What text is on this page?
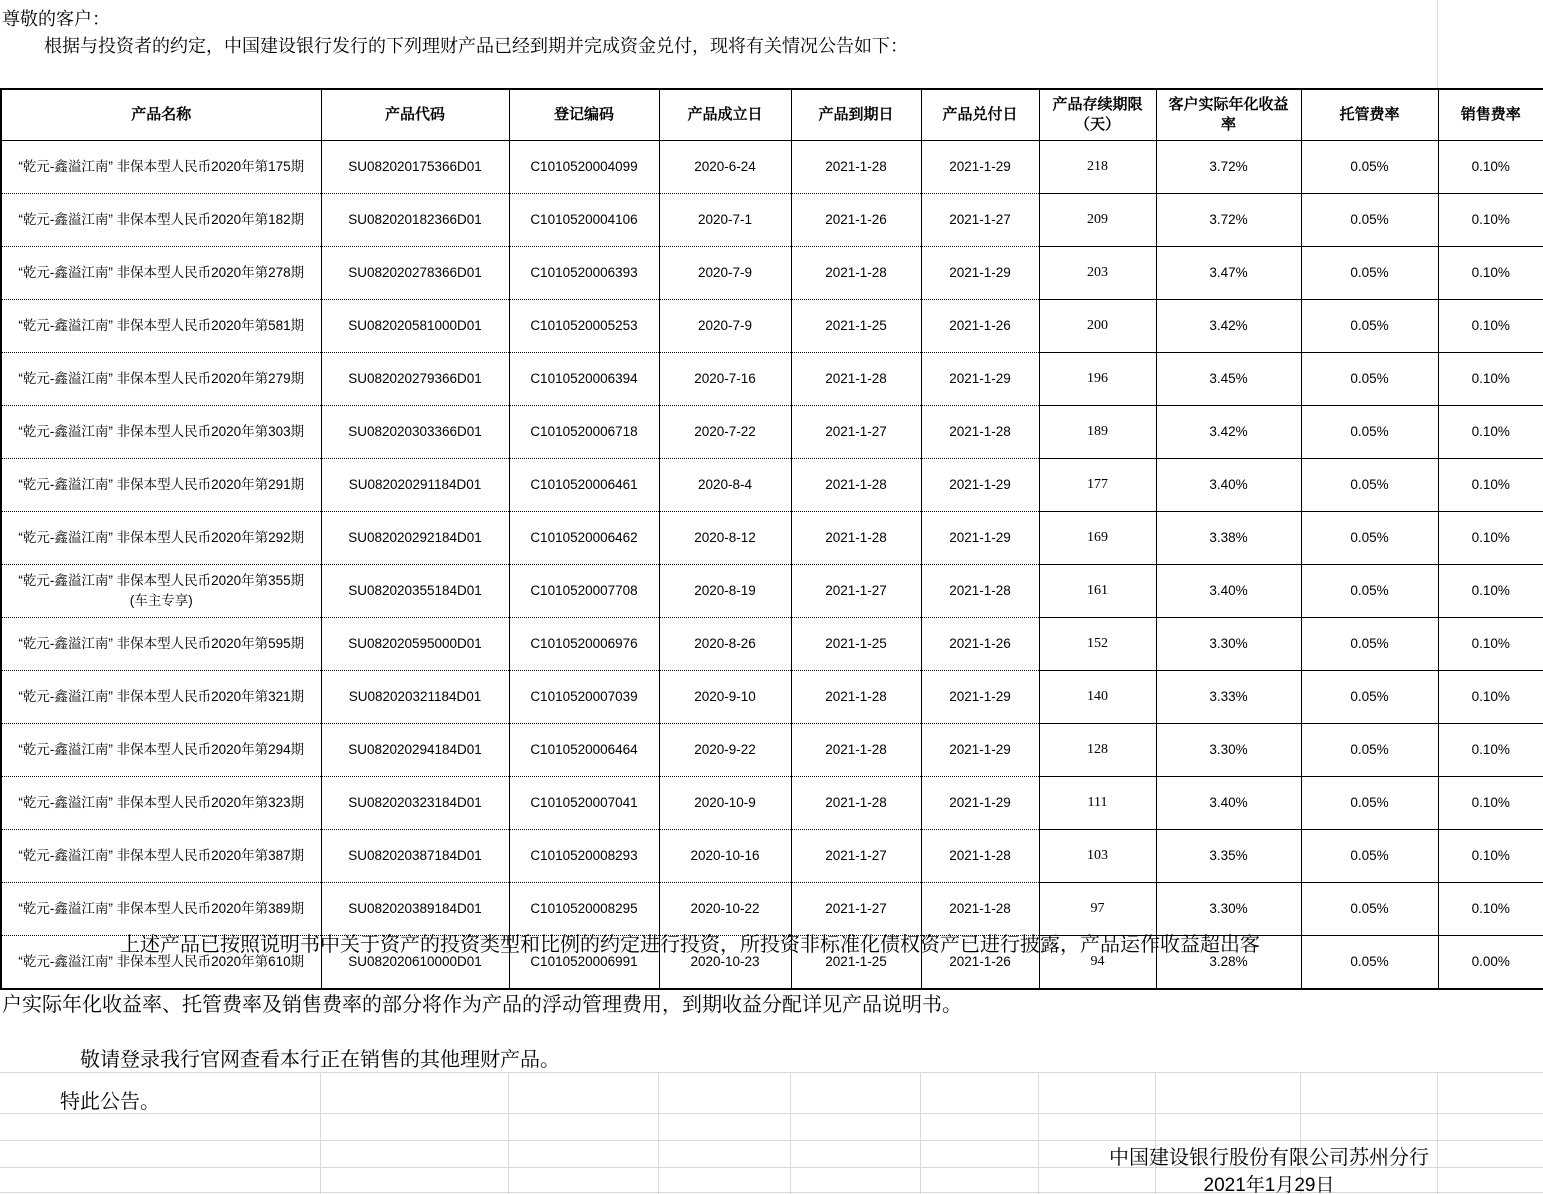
尊敬的客户：
根据与投资者的约定，中国建设银行发行的下列理财产品已经到期并完成资金兑付，现将有关情况公告如下：
产品名称	产品代码	登记编码	产品成立日	产品到期日	产品兑付日	产品存续期限（天）	客户实际年化收益率	托管费率	销售费率
“乾元-鑫溢江南” 非保本型人民币2020年第175期	SU082020175366D01	C1010520004099	2020-6-24	2021-1-28	2021-1-29	218	3.72%	0.05%	0.10%
“乾元-鑫溢江南” 非保本型人民币2020年第182期	SU082020182366D01	C1010520004106	2020-7-1	2021-1-26	2021-1-27	209	3.72%	0.05%	0.10%
“乾元-鑫溢江南” 非保本型人民币2020年第278期	SU082020278366D01	C1010520006393	2020-7-9	2021-1-28	2021-1-29	203	3.47%	0.05%	0.10%
“乾元-鑫溢江南” 非保本型人民币2020年第581期	SU082020581000D01	C1010520005253	2020-7-9	2021-1-25	2021-1-26	200	3.42%	0.05%	0.10%
“乾元-鑫溢江南” 非保本型人民币2020年第279期	SU082020279366D01	C1010520006394	2020-7-16	2021-1-28	2021-1-29	196	3.45%	0.05%	0.10%
“乾元-鑫溢江南” 非保本型人民币2020年第303期	SU082020303366D01	C1010520006718	2020-7-22	2021-1-27	2021-1-28	189	3.42%	0.05%	0.10%
“乾元-鑫溢江南” 非保本型人民币2020年第291期	SU082020291184D01	C1010520006461	2020-8-4	2021-1-28	2021-1-29	177	3.40%	0.05%	0.10%
“乾元-鑫溢江南” 非保本型人民币2020年第292期	SU082020292184D01	C1010520006462	2020-8-12	2021-1-28	2021-1-29	169	3.38%	0.05%	0.10%
“乾元-鑫溢江南” 非保本型人民币2020年第355期(车主专享)	SU082020355184D01	C1010520007708	2020-8-19	2021-1-27	2021-1-28	161	3.40%	0.05%	0.10%
“乾元-鑫溢江南” 非保本型人民币2020年第595期	SU082020595000D01	C1010520006976	2020-8-26	2021-1-25	2021-1-26	152	3.30%	0.05%	0.10%
“乾元-鑫溢江南” 非保本型人民币2020年第321期	SU082020321184D01	C1010520007039	2020-9-10	2021-1-28	2021-1-29	140	3.33%	0.05%	0.10%
“乾元-鑫溢江南” 非保本型人民币2020年第294期	SU082020294184D01	C1010520006464	2020-9-22	2021-1-28	2021-1-29	128	3.30%	0.05%	0.10%
“乾元-鑫溢江南” 非保本型人民币2020年第323期	SU082020323184D01	C1010520007041	2020-10-9	2021-1-28	2021-1-29	111	3.40%	0.05%	0.10%
“乾元-鑫溢江南” 非保本型人民币2020年第387期	SU082020387184D01	C1010520008293	2020-10-16	2021-1-27	2021-1-28	103	3.35%	0.05%	0.10%
“乾元-鑫溢江南” 非保本型人民币2020年第389期	SU082020389184D01	C1010520008295	2020-10-22	2021-1-27	2021-1-28	97	3.30%	0.05%	0.10%
“乾元-鑫溢江南” 非保本型人民币2020年第610期	SU082020610000D01	C1010520006991	2020-10-23	2021-1-25	2021-1-26	94	3.28%	0.05%	0.00%
上述产品已按照说明书中关于资产的投资类型和比例的约定进行投资，所投资非标准化债权资产已进行披露，产品运作收益超出客
户实际年化收益率、托管费率及销售费率的部分将作为产品的浮动管理费用，到期收益分配详见产品说明书。
敬请登录我行官网查看本行正在销售的其他理财产品。
特此公告。
中国建设银行股份有限公司苏州分行
2021年1月29日
